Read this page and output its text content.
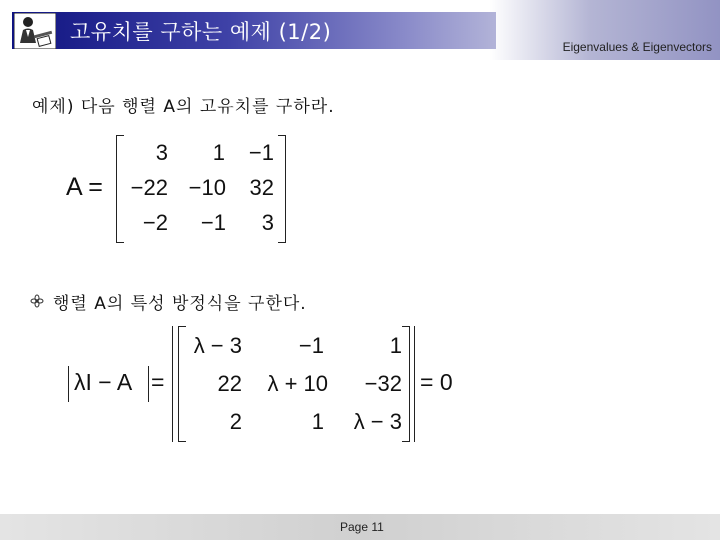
고유치를 구하는 예제 (1/2)
Eigenvalues & Eigenvectors
예제) 다음 행렬 A의 고유치를 구하라.
A =
3	1	−1
−22 −10	32
−2	−1	3
행렬 A의 특성 방정식을 구한다.
λI − A =
λ − 3	−1	1
22	λ + 10	−32
2	1	λ − 3
= 0
Page 11
